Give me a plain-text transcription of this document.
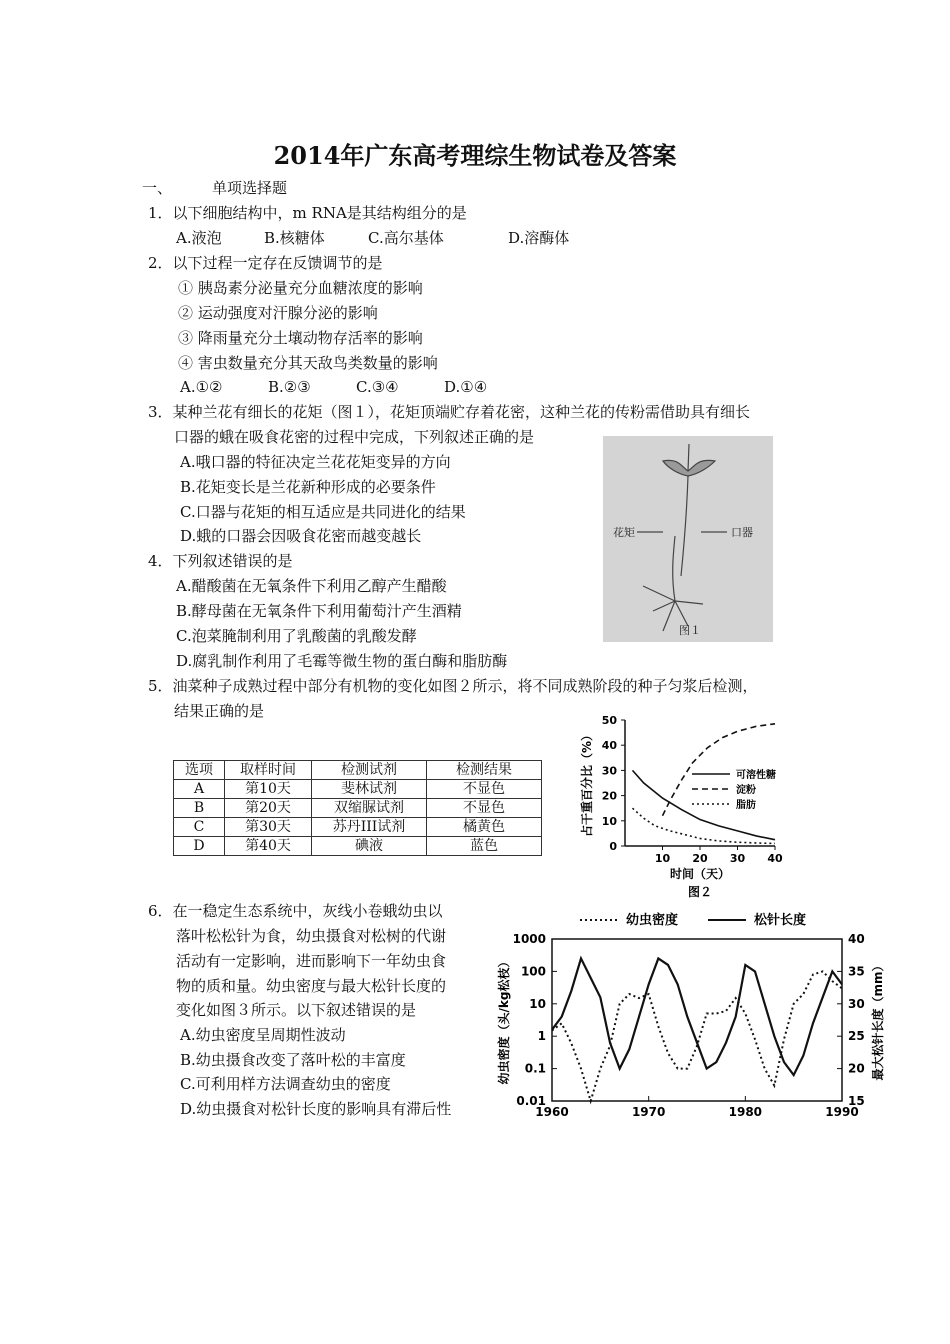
2014年广东高考理综生物试卷及答案
一、	单项选择题
1．以下细胞结构中，m RNA是其结构组分的是
A.液泡	B.核糖体	C.高尔基体	D.溶酶体
2．以下过程一定存在反馈调节的是
① 胰岛素分泌量充分血糖浓度的影响
② 运动强度对汗腺分泌的影响
③ 降雨量充分土壤动物存活率的影响
④ 害虫数量充分其天敌鸟类数量的影响
A.①②	B.②③	C.③④	D.①④
3．某种兰花有细长的花矩（图１），花矩顶端贮存着花密，这种兰花的传粉需借助具有细长
口器的蛾在吸食花密的过程中完成，下列叙述正确的是
A.哦口器的特征决定兰花花矩变异的方向
B.花矩变长是兰花新种形成的必要条件
C.口器与花矩的相互适应是共同进化的结果
D.蛾的口器会因吸食花密而越变越长	花矩	口器
图１
4．下列叙述错误的是
A.醋酸菌在无氧条件下利用乙醇产生醋酸
B.酵母菌在无氧条件下利用葡萄汁产生酒精
C.泡菜腌制利用了乳酸菌的乳酸发酵
D.腐乳制作利用了毛霉等微生物的蛋白酶和脂肪酶
5．油菜种子成熟过程中部分有机物的变化如图２所示，将不同成熟阶段的种子匀浆后检测，
结果正确的是
选项	取样时间	检测试剂	检测结果
A	第10天	斐林试剂	不显色
B	第20天	双缩脲试剂	不显色
C	第30天	苏丹III试剂	橘黄色
D	第40天	碘液	蓝色	0
10
20
30
40
50
10 20 30 40
占干重百分比（%）
时间（天）
图２
可溶性糖
淀粉
脂肪
6．在一稳定生态系统中，灰线小卷蛾幼虫以
落叶松松针为食，幼虫摄食对松树的代谢
活动有一定影响，进而影响下一年幼虫食
物的质和量。幼虫密度与最大松针长度的
变化如图３所示。以下叙述错误的是
A.幼虫密度呈周期性波动
B.幼虫摄食改变了落叶松的丰富度
C.可利用样方法调查幼虫的密度
D.幼虫摄食对松针长度的影响具有滞后性	0.01
0.1
1
10
100
1000
15
20
25
30
35
40
1960	1970	1980	1990
幼虫密度（头/kg松枝）	最大松针长度（mm）
幼虫密度	松针长度
